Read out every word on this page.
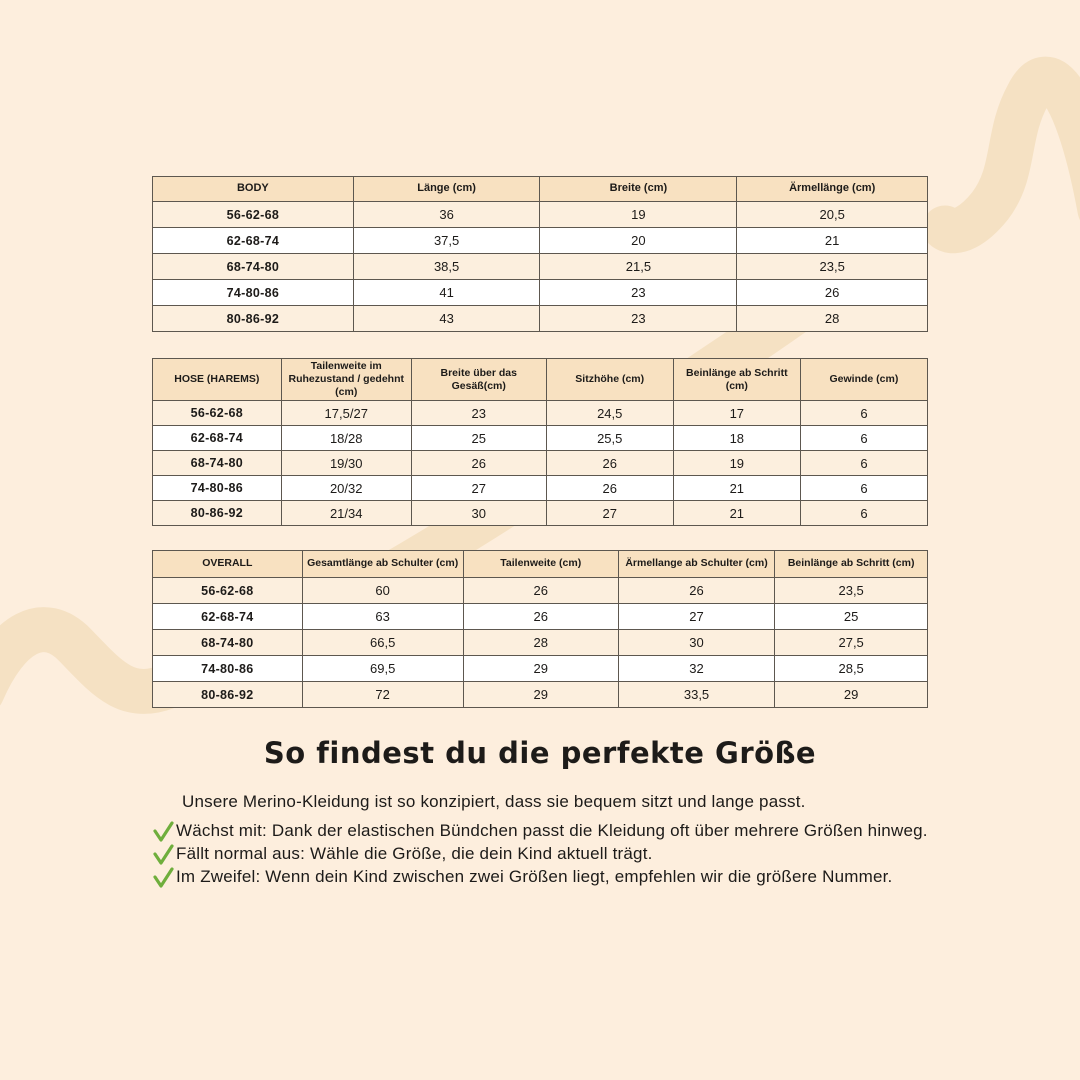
BODY	Länge (cm)	Breite (cm)	Ärmellänge (cm)
56-62-68	36	19	20,5
62-68-74	37,5	20	21
68-74-80	38,5	21,5	23,5
74-80-86	41	23	26
80-86-92	43	23	28
HOSE (HAREMS)	Tailenweite im Ruhezustand / gedehnt (cm)	Breite über das Gesäß(cm)	Sitzhöhe (cm)	Beinlänge ab Schritt (cm)	Gewinde (cm)
56-62-68	17,5/27	23	24,5	17	6
62-68-74	18/28	25	25,5	18	6
68-74-80	19/30	26	26	19	6
74-80-86	20/32	27	26	21	6
80-86-92	21/34	30	27	21	6
OVERALL	Gesamtlänge ab Schulter (cm)	Tailenweite (cm)	Ärmellange ab Schulter (cm)	Beinlänge ab Schritt (cm)
56-62-68	60	26	26	23,5
62-68-74	63	26	27	25
68-74-80	66,5	28	30	27,5
74-80-86	69,5	29	32	28,5
80-86-92	72	29	33,5	29
So findest du die perfekte Größe

Unsere Merino-Kleidung ist so konzipiert, dass sie bequem sitzt und lange passt.

Wächst mit: Dank der elastischen Bündchen passt die Kleidung oft über mehrere Größen hinweg.
Fällt normal aus: Wähle die Größe, die dein Kind aktuell trägt.
Im Zweifel: Wenn dein Kind zwischen zwei Größen liegt, empfehlen wir die größere Nummer.
